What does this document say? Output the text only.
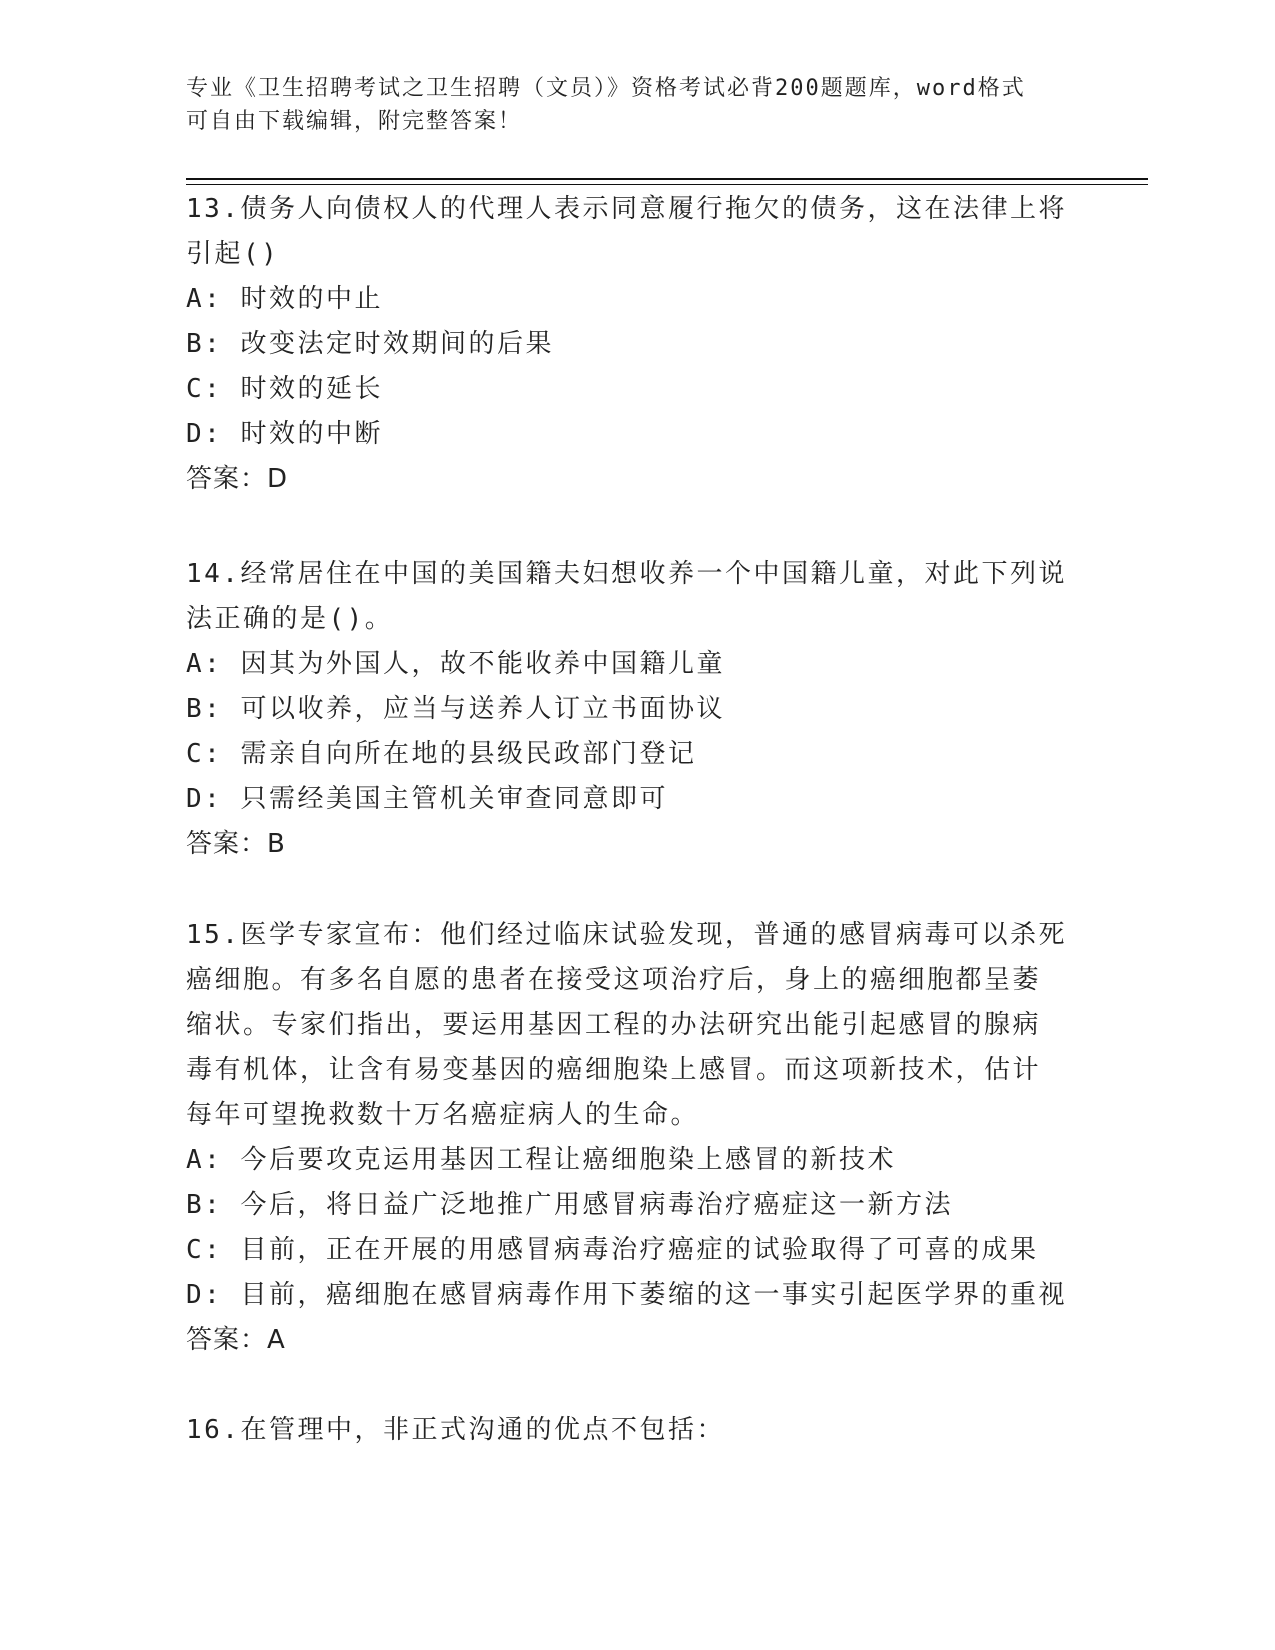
专业《卫生招聘考试之卫生招聘（文员）》资格考试必背200题题库，word格式
可自由下载编辑，附完整答案！
13.债务人向债权人的代理人表示同意履行拖欠的债务，这在法律上将
引起()
A: 时效的中止
B: 改变法定时效期间的后果
C: 时效的延长
D: 时效的中断
答案：D
14.经常居住在中国的美国籍夫妇想收养一个中国籍儿童，对此下列说
法正确的是()。
A: 因其为外国人，故不能收养中国籍儿童
B: 可以收养，应当与送养人订立书面协议
C: 需亲自向所在地的县级民政部门登记
D: 只需经美国主管机关审查同意即可
答案：B
15.医学专家宣布：他们经过临床试验发现，普通的感冒病毒可以杀死
癌细胞。有多名自愿的患者在接受这项治疗后，身上的癌细胞都呈萎
缩状。专家们指出，要运用基因工程的办法研究出能引起感冒的腺病
毒有机体，让含有易变基因的癌细胞染上感冒。而这项新技术，估计
每年可望挽救数十万名癌症病人的生命。
A: 今后要攻克运用基因工程让癌细胞染上感冒的新技术
B: 今后，将日益广泛地推广用感冒病毒治疗癌症这一新方法
C: 目前，正在开展的用感冒病毒治疗癌症的试验取得了可喜的成果
D: 目前，癌细胞在感冒病毒作用下萎缩的这一事实引起医学界的重视
答案：A
16.在管理中，非正式沟通的优点不包括：
